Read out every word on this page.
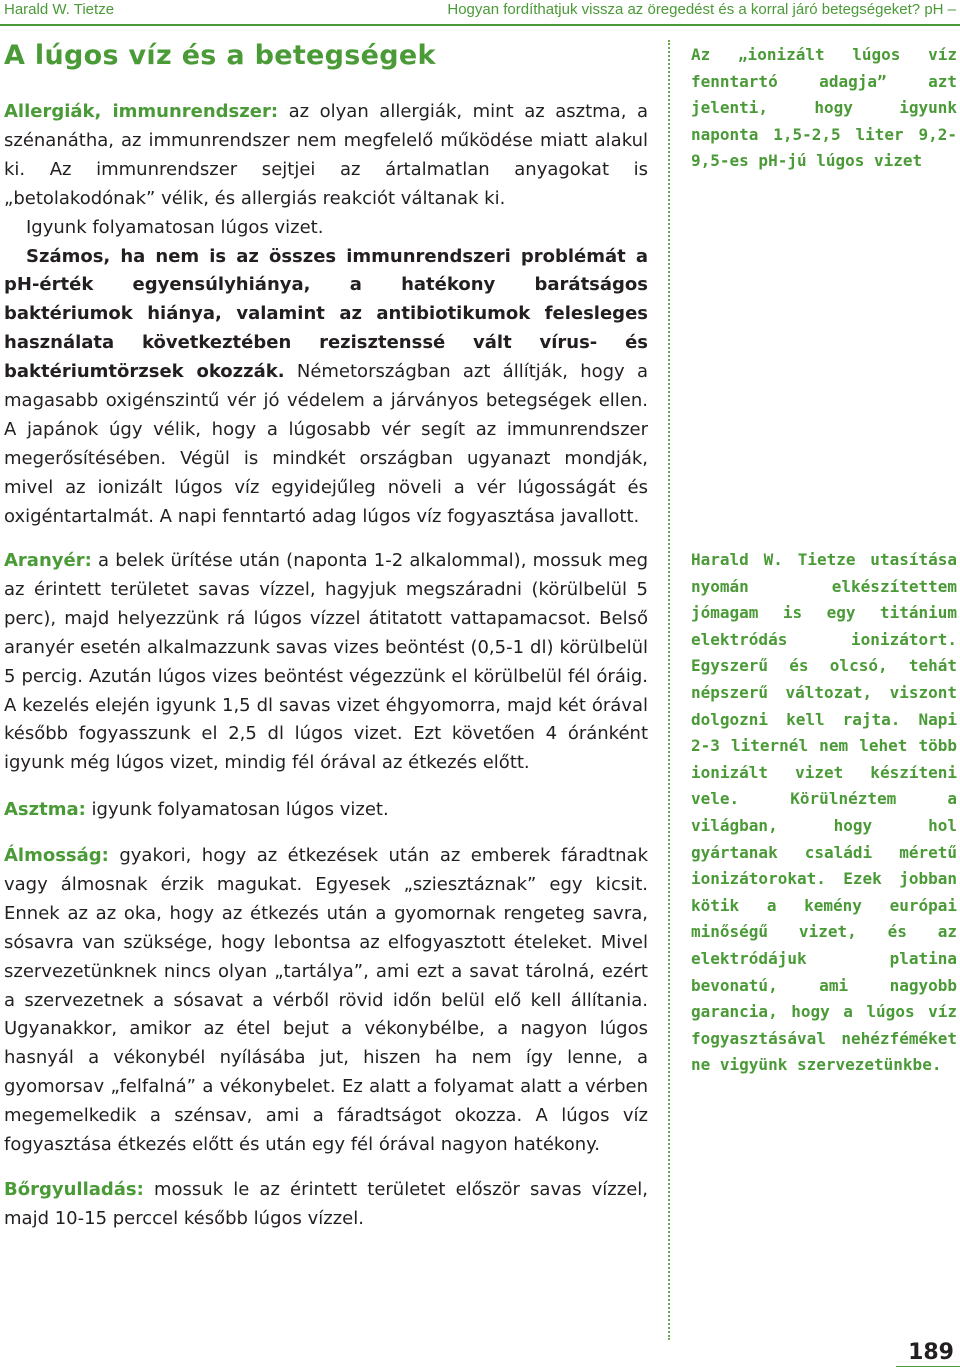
Harald W. Tietze	Hogyan fordíthatjuk vissza az öregedést és a korral járó betegségeket? pH –
A lúgos víz és a betegségek

Allergiák, immunrendszer: az olyan allergiák, mint az asztma, a szénanátha, az immunrendszer nem megfelelő működése miatt alakul ki. Az immunrendszer sejtjei az ártalmatlan anyagokat is „betolakodónak” vélik, és allergiás reakciót váltanak ki.

Igyunk folyamatosan lúgos vizet.

Számos, ha nem is az összes immunrendszeri problémát a pH-érték egyensúlyhiánya, a hatékony barátságos baktériumok hiánya, valamint az antibiotikumok felesleges használata következtében rezisztenssé vált vírus- és baktériumtörzsek okozzák. Németországban azt állítják, hogy a magasabb oxigénszintű vér jó védelem a járványos betegségek ellen. A japánok úgy vélik, hogy a lúgosabb vér segít az immunrendszer megerősítésében. Végül is mindkét országban ugyanazt mondják, mivel az ionizált lúgos víz egyidejűleg növeli a vér lúgosságát és oxigéntartalmát. A napi fenntartó adag lúgos víz fogyasztása javallott.

Aranyér: a belek ürítése után (naponta 1-2 alkalommal), mossuk meg az érintett területet savas vízzel, hagyjuk megszáradni (körülbelül 5 perc), majd helyezzünk rá lúgos vízzel átitatott vattapamacsot. Belső aranyér esetén alkalmazzunk savas vizes beöntést (0,5-1 dl) körülbelül 5 percig. Azután lúgos vizes beöntést végezzünk el körülbelül fél óráig. A kezelés elején igyunk 1,5 dl savas vizet éhgyomorra, majd két órával később fogyasszunk el 2,5 dl lúgos vizet. Ezt követően 4 óránként igyunk még lúgos vizet, mindig fél órával az étkezés előtt.

Asztma: igyunk folyamatosan lúgos vizet.

Álmosság: gyakori, hogy az étkezések után az emberek fáradtnak vagy álmosnak érzik magukat. Egyesek „sziesztáznak” egy kicsit. Ennek az az oka, hogy az étkezés után a gyomornak rengeteg savra, sósavra van szüksége, hogy lebontsa az elfogyasztott ételeket. Mivel szervezetünknek nincs olyan „tartálya”, ami ezt a savat tárolná, ezért a szervezetnek a sósavat a vérből rövid időn belül elő kell állítania. Ugyanakkor, amikor az étel bejut a vékonybélbe, a nagyon lúgos hasnyál a vékonybél nyílásába jut, hiszen ha nem így lenne, a gyomorsav „felfalná” a vékonybelet. Ez alatt a folyamat alatt a vérben megemelkedik a szénsav, ami a fáradtságot okozza. A lúgos víz fogyasztása étkezés előtt és után egy fél órával nagyon hatékony.

Bőrgyulladás: mossuk le az érintett területet először savas vízzel, majd 10-15 perccel később lúgos vízzel.

Az „ionizált lúgos víz fenntartó adagja” azt jelenti, hogy igyunk naponta 1,5-2,5 liter 9,2-9,5-es pH-jú lúgos vizet

Harald W. Tietze utasítása nyomán elkészítettem jómagam is egy titánium elektródás ionizátort. Egyszerű és olcsó, tehát népszerű változat, viszont dolgozni kell rajta. Napi 2-3 liternél nem lehet több ionizált vizet készíteni vele. Körülnéztem a világban, hogy hol gyártanak családi méretű ionizátorokat. Ezek jobban kötik a kemény európai minőségű vizet, és az elektródájuk platina bevonatú, ami nagyobb garancia, hogy a lúgos víz fogyasztásával nehézféméket ne vigyünk szervezetünkbe.

189
